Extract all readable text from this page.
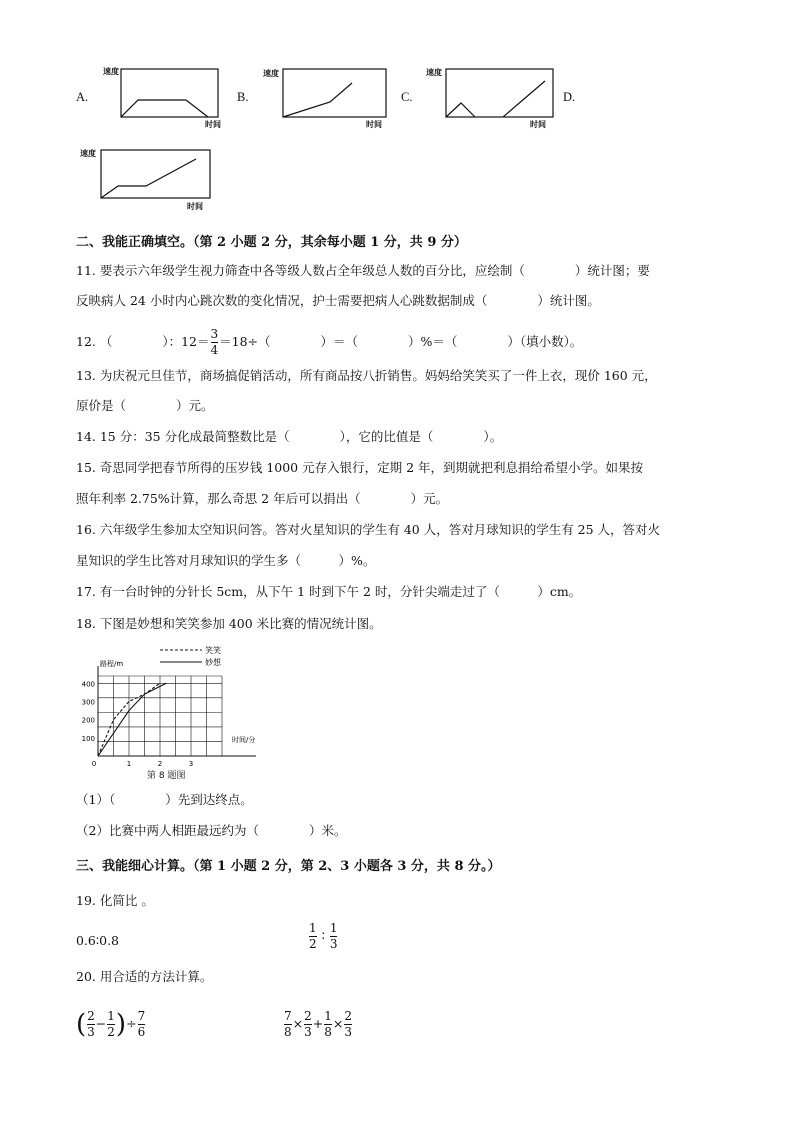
A.
速度
时间
B.
速度
时间
C.
速度
时间
D.
速度
时间
二、我能正确填空。（第 2 小题 2 分，其余每小题 1 分，共 9 分）
11. 要表示六年级学生视力筛查中各等级人数占全年级总人数的百分比，应绘制（　　　　）统计图；要
反映病人 24 小时内心跳次数的变化情况，护士需要把病人心跳数据制成（　　　　）统计图。
12. （　　　　）：$12= \frac{3}{4} =18\div$（　　　　）＝（　　　　）%＝（　　　　）（填小数）。
13. 为庆祝元旦佳节，商场搞促销活动，所有商品按八折销售。妈妈给笑笑买了一件上衣，现价 160 元，
原价是（　　　　）元。
14. 15 分：35 分化成最简整数比是（　　　　），它的比值是（　　　　）。
15. 奇思同学把春节所得的压岁钱 1000 元存入银行，定期 2 年，到期就把利息捐给希望小学。如果按
照年利率 2.75%计算，那么奇思 2 年后可以捐出（　　　　）元。
16. 六年级学生参加太空知识问答。答对火星知识的学生有 40 人，答对月球知识的学生有 25 人，答对火
星知识的学生比答对月球知识的学生多（　　　）%。
17. 有一台时钟的分针长 5cm，从下午 1 时到下午 2 时，分针尖端走过了（　　　）cm。
18. 下图是妙想和笑笑参加 400 米比赛的情况统计图。
400
300
200
100
0	1	2	3
路程/m
时间/分
笑笑
妙想
第 8 题图
（1）（　　　　）先到达终点。
（2）比赛中两人相距最远约为（　　　　）米。
三、我能细心计算。（第 1 小题 2 分，第 2、3 小题各 3 分，共 8 分。）
19. 化简比 。
0.6∶0.8	$\frac{1}{2}$ ∶ $\frac{1}{3}$
20. 用合适的方法计算。
( $\frac{2}{3} - \frac{1}{2}$ )÷ $\frac{7}{6}$	$\frac{7}{8} \times \frac{2}{3} + \frac{1}{8} \times \frac{2}{3}$
